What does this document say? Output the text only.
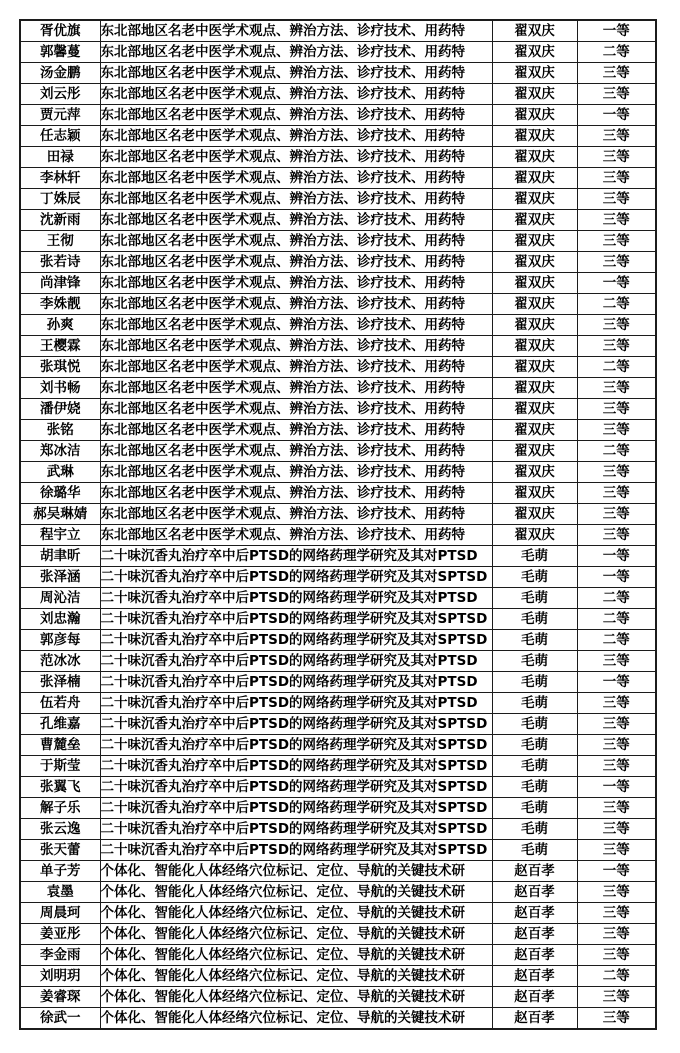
胥优旗	东北部地区名老中医学术观点、辨治方法、诊疗技术、用药特	翟双庆	一等
郭馨蔓	东北部地区名老中医学术观点、辨治方法、诊疗技术、用药特	翟双庆	二等
汤金鹏	东北部地区名老中医学术观点、辨治方法、诊疗技术、用药特	翟双庆	三等
刘云彤	东北部地区名老中医学术观点、辨治方法、诊疗技术、用药特	翟双庆	三等
贾元萍	东北部地区名老中医学术观点、辨治方法、诊疗技术、用药特	翟双庆	一等
任志颖	东北部地区名老中医学术观点、辨治方法、诊疗技术、用药特	翟双庆	三等
田禄	东北部地区名老中医学术观点、辨治方法、诊疗技术、用药特	翟双庆	三等
李林轩	东北部地区名老中医学术观点、辨治方法、诊疗技术、用药特	翟双庆	三等
丁姝辰	东北部地区名老中医学术观点、辨治方法、诊疗技术、用药特	翟双庆	三等
沈新雨	东北部地区名老中医学术观点、辨治方法、诊疗技术、用药特	翟双庆	三等
王彻	东北部地区名老中医学术观点、辨治方法、诊疗技术、用药特	翟双庆	三等
张若诗	东北部地区名老中医学术观点、辨治方法、诊疗技术、用药特	翟双庆	三等
尚津锋	东北部地区名老中医学术观点、辨治方法、诊疗技术、用药特	翟双庆	一等
李姝靓	东北部地区名老中医学术观点、辨治方法、诊疗技术、用药特	翟双庆	二等
孙爽	东北部地区名老中医学术观点、辨治方法、诊疗技术、用药特	翟双庆	三等
王樱霖	东北部地区名老中医学术观点、辨治方法、诊疗技术、用药特	翟双庆	三等
张琪悦	东北部地区名老中医学术观点、辨治方法、诊疗技术、用药特	翟双庆	二等
刘书畅	东北部地区名老中医学术观点、辨治方法、诊疗技术、用药特	翟双庆	三等
潘伊娆	东北部地区名老中医学术观点、辨治方法、诊疗技术、用药特	翟双庆	三等
张铭	东北部地区名老中医学术观点、辨治方法、诊疗技术、用药特	翟双庆	三等
郑冰洁	东北部地区名老中医学术观点、辨治方法、诊疗技术、用药特	翟双庆	二等
武琳	东北部地区名老中医学术观点、辨治方法、诊疗技术、用药特	翟双庆	三等
徐璐华	东北部地区名老中医学术观点、辨治方法、诊疗技术、用药特	翟双庆	三等
郝吴琳婧	东北部地区名老中医学术观点、辨治方法、诊疗技术、用药特	翟双庆	三等
程宇立	东北部地区名老中医学术观点、辨治方法、诊疗技术、用药特	翟双庆	三等
胡聿昕	二十味沉香丸治疗卒中后PTSD的网络药理学研究及其对PTSD	毛萌	一等
张泽涵	二十味沉香丸治疗卒中后PTSD的网络药理学研究及其对SPTSD	毛萌	一等
周沁洁	二十味沉香丸治疗卒中后PTSD的网络药理学研究及其对PTSD	毛萌	二等
刘忠瀚	二十味沉香丸治疗卒中后PTSD的网络药理学研究及其对SPTSD	毛萌	二等
郭彦每	二十味沉香丸治疗卒中后PTSD的网络药理学研究及其对SPTSD	毛萌	二等
范冰冰	二十味沉香丸治疗卒中后PTSD的网络药理学研究及其对PTSD	毛萌	三等
张泽楠	二十味沉香丸治疗卒中后PTSD的网络药理学研究及其对PTSD	毛萌	一等
伍若舟	二十味沉香丸治疗卒中后PTSD的网络药理学研究及其对PTSD	毛萌	三等
孔维嘉	二十味沉香丸治疗卒中后PTSD的网络药理学研究及其对SPTSD	毛萌	三等
曹麓垒	二十味沉香丸治疗卒中后PTSD的网络药理学研究及其对SPTSD	毛萌	三等
于斯莹	二十味沉香丸治疗卒中后PTSD的网络药理学研究及其对SPTSD	毛萌	三等
张翼飞	二十味沉香丸治疗卒中后PTSD的网络药理学研究及其对SPTSD	毛萌	一等
解子乐	二十味沉香丸治疗卒中后PTSD的网络药理学研究及其对SPTSD	毛萌	三等
张云逸	二十味沉香丸治疗卒中后PTSD的网络药理学研究及其对SPTSD	毛萌	三等
张天蕾	二十味沉香丸治疗卒中后PTSD的网络药理学研究及其对SPTSD	毛萌	三等
单子芳	个体化、智能化人体经络穴位标记、定位、导航的关键技术研	赵百孝	一等
袁墨	个体化、智能化人体经络穴位标记、定位、导航的关键技术研	赵百孝	三等
周晨珂	个体化、智能化人体经络穴位标记、定位、导航的关键技术研	赵百孝	三等
姜亚彤	个体化、智能化人体经络穴位标记、定位、导航的关键技术研	赵百孝	三等
李金雨	个体化、智能化人体经络穴位标记、定位、导航的关键技术研	赵百孝	三等
刘明玥	个体化、智能化人体经络穴位标记、定位、导航的关键技术研	赵百孝	二等
姜睿琛	个体化、智能化人体经络穴位标记、定位、导航的关键技术研	赵百孝	三等
徐武一	个体化、智能化人体经络穴位标记、定位、导航的关键技术研	赵百孝	三等
